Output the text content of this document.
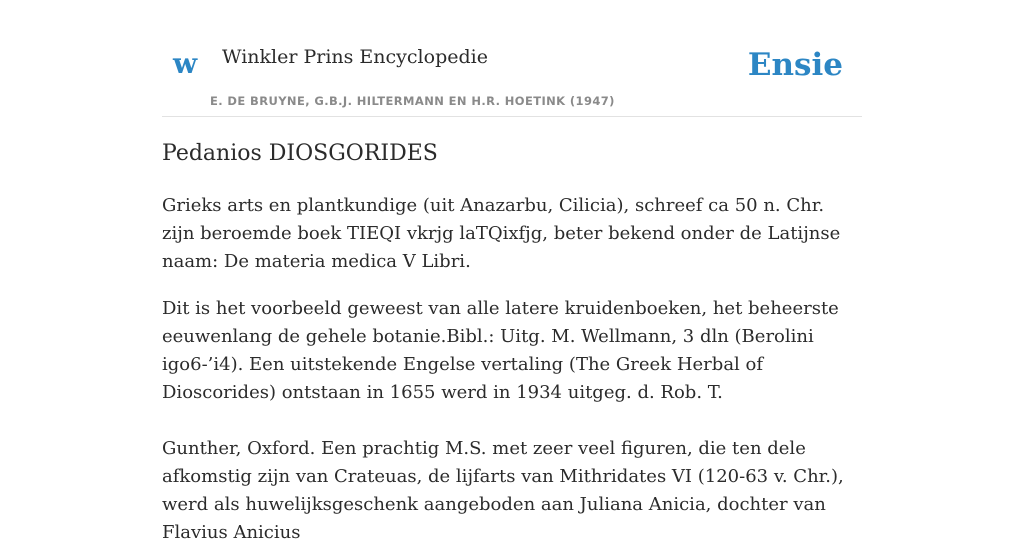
w Winkler Prins Encyclopedie
E. DE BRUYNE, G.B.J. HILTERMANN EN H.R. HOETINK (1947)
Ensie
Pedanios DIOSGORIDES

Grieks arts en plantkundige (uit Anazarbu, Cilicia), schreef ca 50 n. Chr. zijn beroemde boek TIEQI vkrjg laTQixfjg, beter bekend onder de Latijnse naam: De materia medica V Libri.

Dit is het voorbeeld geweest van alle latere kruidenboeken, het beheerste eeuwenlang de gehele botanie.Bibl.: Uitg. M. Wellmann, 3 dln (Berolini igo6-’i4). Een uitstekende Engelse vertaling (The Greek Herbal of Dioscorides) ontstaan in 1655 werd in 1934 uitgeg. d. Rob. T.

Gunther, Oxford. Een prachtig M.S. met zeer veel figuren, die ten dele afkomstig zijn van Crateuas, de lijfarts van Mithridates VI (120-63 v. Chr.), werd als huwelijksgeschenk aangeboden aan Juliana Anicia, dochter van Flavius Anicius
